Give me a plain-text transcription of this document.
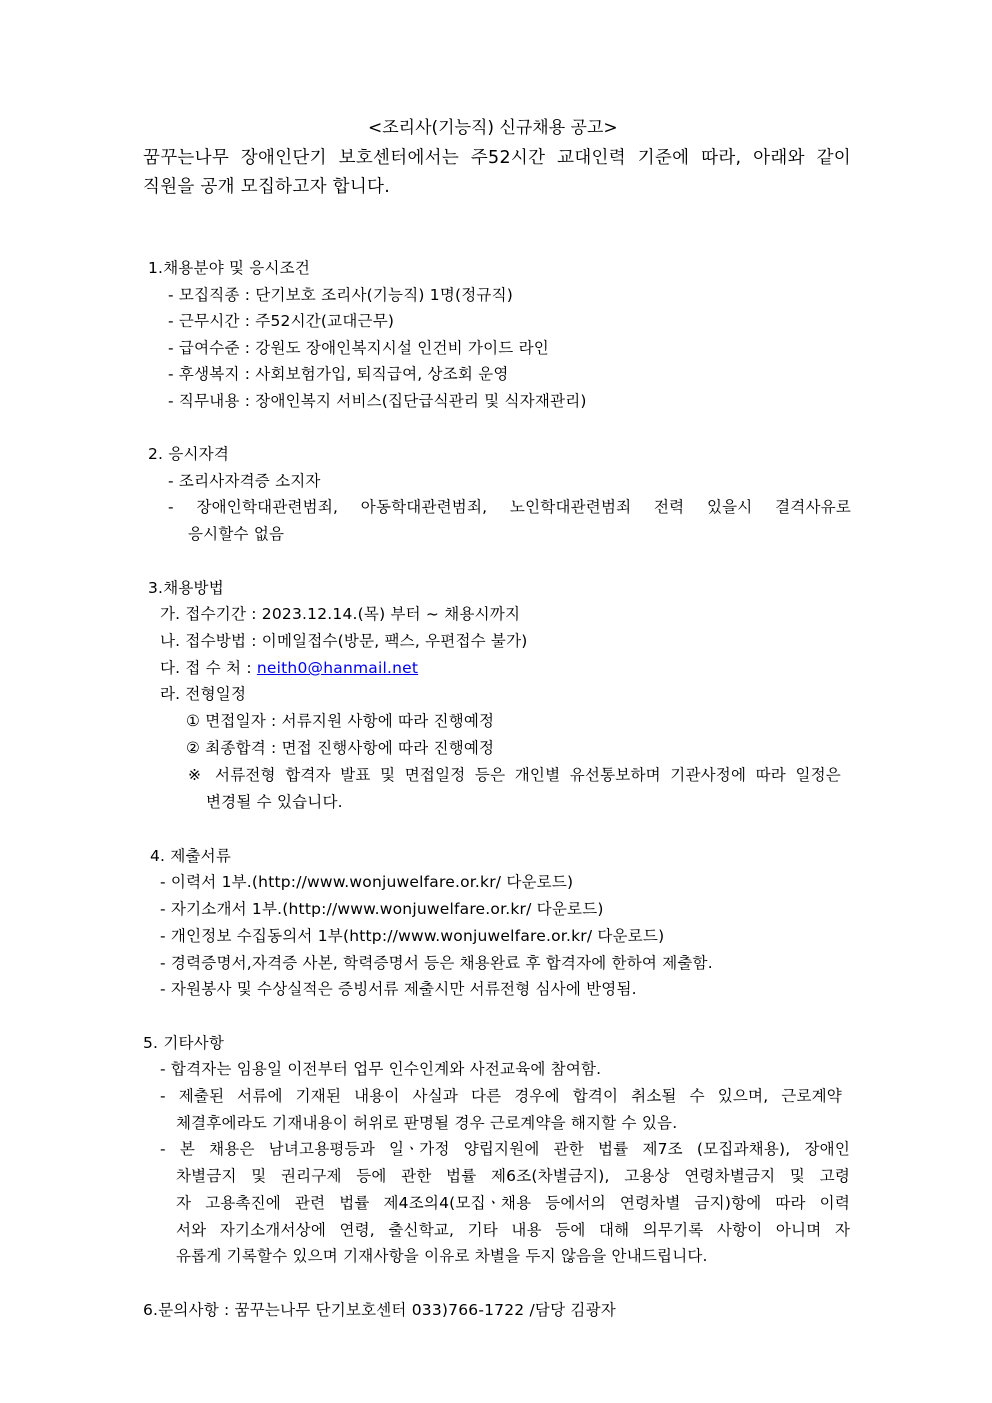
<조리사(기능직) 신규채용 공고>
꿈꾸는나무 장애인단기 보호센터에서는 주52시간 교대인력 기준에 따라, 아래와 같이
직원을 공개 모집하고자 합니다.
1.채용분야 및 응시조건
- 모집직종 : 단기보호 조리사(기능직) 1명(정규직)
- 근무시간 : 주52시간(교대근무)
- 급여수준 : 강원도 장애인복지시설 인건비 가이드 라인
- 후생복지 : 사회보험가입, 퇴직급여, 상조회 운영
- 직무내용 : 장애인복지 서비스(집단급식관리 및 식자재관리)
2. 응시자격
- 조리사자격증 소지자
- 장애인학대관련범죄, 아동학대관련범죄, 노인학대관련범죄 전력 있을시 결격사유로
응시할수 없음
3.채용방법
가. 접수기간 : 2023.12.14.(목) 부터 ~ 채용시까지
나. 접수방법 : 이메일접수(방문, 팩스, 우편접수 불가)
다. 접 수 처 : neith0@hanmail.net
라. 전형일정
① 면접일자 : 서류지원 사항에 따라 진행예정
② 최종합격 : 면접 진행사항에 따라 진행예정
※ 서류전형 합격자 발표 및 면접일정 등은 개인별 유선통보하며 기관사정에 따라 일정은
변경될 수 있습니다.
4. 제출서류
- 이력서 1부.(http://www.wonjuwelfare.or.kr/ 다운로드)
- 자기소개서 1부.(http://www.wonjuwelfare.or.kr/ 다운로드)
- 개인정보 수집동의서 1부(http://www.wonjuwelfare.or.kr/ 다운로드)
- 경력증명서,자격증 사본, 학력증명서 등은 채용완료 후 합격자에 한하여 제출함.
- 자원봉사 및 수상실적은 증빙서류 제출시만 서류전형 심사에 반영됨.
5. 기타사항
- 합격자는 임용일 이전부터 업무 인수인계와 사전교육에 참여함.
- 제출된 서류에 기재된 내용이 사실과 다른 경우에 합격이 취소될 수 있으며, 근로계약
체결후에라도 기재내용이 허위로 판명될 경우 근로계약을 해지할 수 있음.
- 본 채용은 남녀고용평등과 일ㆍ가정 양립지원에 관한 법률 제7조 (모집과채용), 장애인
차별금지 및 권리구제 등에 관한 법률 제6조(차별금지), 고용상 연령차별금지 및 고령
자 고용촉진에 관련 법률 제4조의4(모집ㆍ채용 등에서의 연령차별 금지)항에 따라 이력
서와 자기소개서상에 연령, 출신학교, 기타 내용 등에 대해 의무기록 사항이 아니며 자
유롭게 기록할수 있으며 기재사항을 이유로 차별을 두지 않음을 안내드립니다.
6.문의사항 : 꿈꾸는나무 단기보호센터 033)766-1722 /담당 김광자
